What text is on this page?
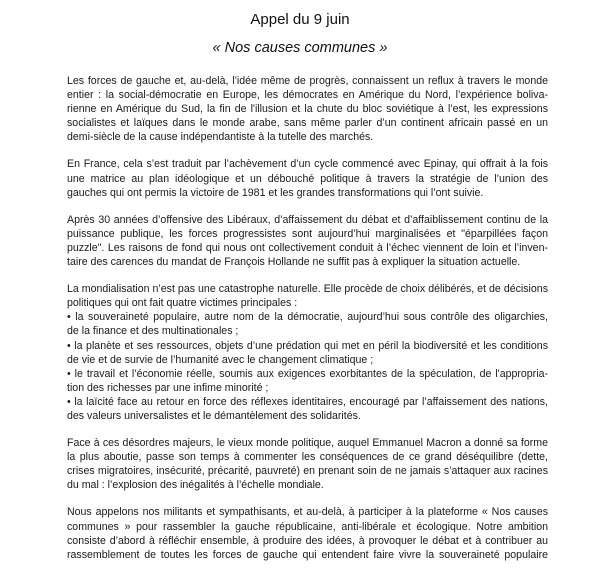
Appel du 9 juin
« Nos causes communes »

Les forces de gauche et, au-delà, l’idée même de progrès, connaissent un reflux à travers le monde
entier : la social-démocratie en Europe, les démocrates en Amérique du Nord, l’expérience boliva-
rienne en Amérique du Sud, la fin de l'illusion et la chute du bloc soviétique à l’est, les expressions
socialistes et laïques dans le monde arabe, sans même parler d’un continent africain passé en un
demi-siècle de la cause indépendantiste à la tutelle des marchés.

En France, cela s’est traduit par l’achèvement d’un cycle commencé avec Epinay, qui offrait à la fois
une matrice au plan idéologique et un débouché politique à travers la stratégie de l’union des
gauches qui ont permis la victoire de 1981 et les grandes transformations qui l’ont suivie.

Après 30 années d’offensive des Libéraux, d’affaissement du débat et d’affaiblissement continu de la
puissance publique, les forces progressistes sont aujourd’hui marginalisées et "éparpillées façon
puzzle". Les raisons de fond qui nous ont collectivement conduit à l’échec viennent de loin et l’inven-
taire des carences du mandat de François Hollande ne suffit pas à expliquer la situation actuelle.

La mondialisation n’est pas une catastrophe naturelle. Elle procède de choix délibérés, et de décisions
politiques qui ont fait quatre victimes principales :
• la souveraineté populaire, autre nom de la démocratie, aujourd’hui sous contrôle des oligarchies,
de la finance et des multinationales ;
• la planète et ses ressources, objets d’une prédation qui met en péril la biodiversité et les conditions
de vie et de survie de l’humanité avec le changement climatique ;
• le travail et l’économie réelle, soumis aux exigences exorbitantes de la spéculation, de l'appropria-
tion des richesses par une infime minorité ;
• la laïcité face au retour en force des réflexes identitaires, encouragé par l’affaissement des nations,
des valeurs universalistes et le démantèlement des solidarités.

Face à ces désordres majeurs, le vieux monde politique, auquel Emmanuel Macron a donné sa forme
la plus aboutie, passe son temps à commenter les conséquences de ce grand déséquilibre (dette,
crises migratoires, insécurité, précarité, pauvreté) en prenant soin de ne jamais s’attaquer aux racines
du mal : l’explosion des inégalités à l’échelle mondiale.

Nous appelons nos militants et sympathisants, et au-delà, à participer à la plateforme « Nos causes
communes » pour rassembler la gauche républicaine, anti-libérale et écologique. Notre ambition
consiste d’abord à réfléchir ensemble, à produire des idées, à provoquer le débat et à contribuer au
rassemblement de toutes les forces de gauche qui entendent faire vivre la souveraineté populaire
